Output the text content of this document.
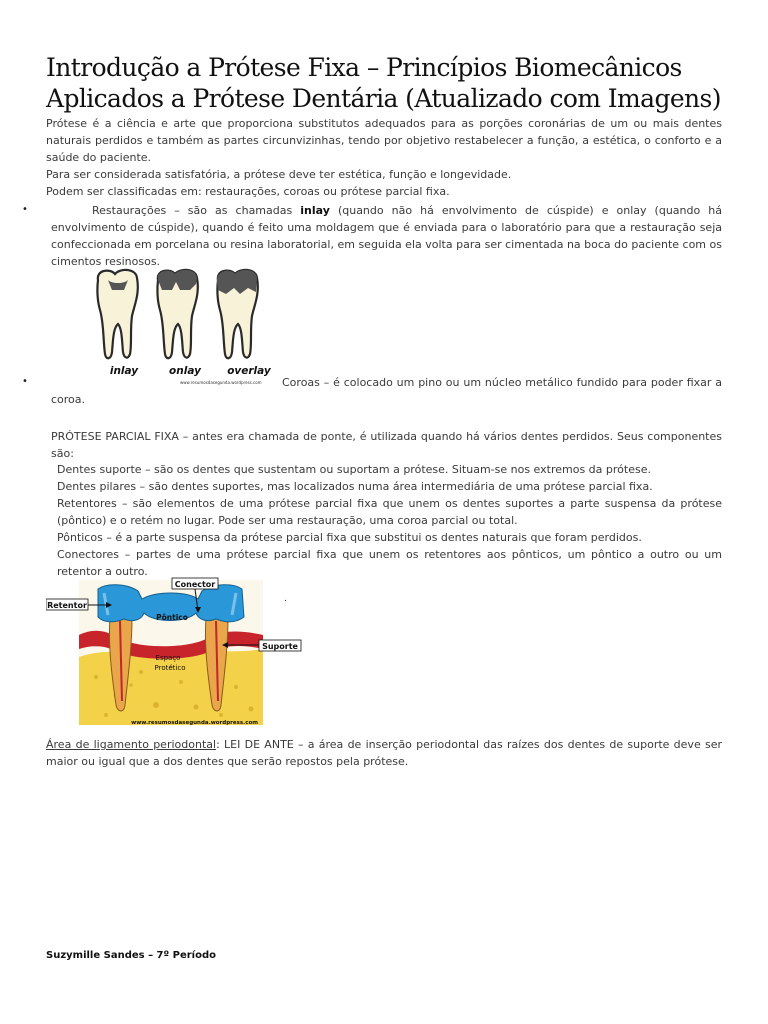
Introdução a Prótese Fixa – Princípios Biomecânicos Aplicados a Prótese Dentária (Atualizado com Imagens)
Prótese é a ciência e arte que proporciona substitutos adequados para as porções coronárias de um ou mais dentes naturais perdidos e também as partes circunvizinhas, tendo por objetivo restabelecer a função, a estética, o conforto e a saúde do paciente.
Para ser considerada satisfatória, a prótese deve ter estética, função e longevidade.
Podem ser classificadas em: restaurações, coroas ou prótese parcial fixa.
•	Restaurações – são as chamadas inlay (quando não há envolvimento de cúspide) e onlay (quando há envolvimento de cúspide), quando é feito uma moldagem que é enviada para o laboratório para que a restauração seja confeccionada em porcelana ou resina laboratorial, em seguida ela volta para ser cimentada na boca do paciente com os cimentos resinosos.
inlay	onlay	overlay
www.resumosdasegunda.wordpress.com
•	Coroas – é colocado um pino ou um núcleo metálico fundido para poder fixar a coroa.
PRÓTESE PARCIAL FIXA – antes era chamada de ponte, é utilizada quando há vários dentes perdidos. Seus componentes são:
Dentes suporte – são os dentes que sustentam ou suportam a prótese. Situam-se nos extremos da prótese.
Dentes pilares – são dentes suportes, mas localizados numa área intermediária de uma prótese parcial fixa.
Retentores – são elementos de uma prótese parcial fixa que unem os dentes suportes a parte suspensa da prótese (pôntico) e o retém no lugar. Pode ser uma restauração, uma coroa parcial ou total.
Pônticos – é a parte suspensa da prótese parcial fixa que substitui os dentes naturais que foram perdidos.
Conectores – partes de uma prótese parcial fixa que unem os retentores aos pônticos, um pôntico a outro ou um retentor a outro.
Conector
Retentor
Pôntico
Suporte
Espaço
Protético
www.resumosdasegunda.wordpress.com
.
Área de ligamento periodontal: LEI DE ANTE – a área de inserção periodontal das raízes dos dentes de suporte deve ser maior ou igual que a dos dentes que serão repostos pela prótese.
Suzymille Sandes – 7º Período
